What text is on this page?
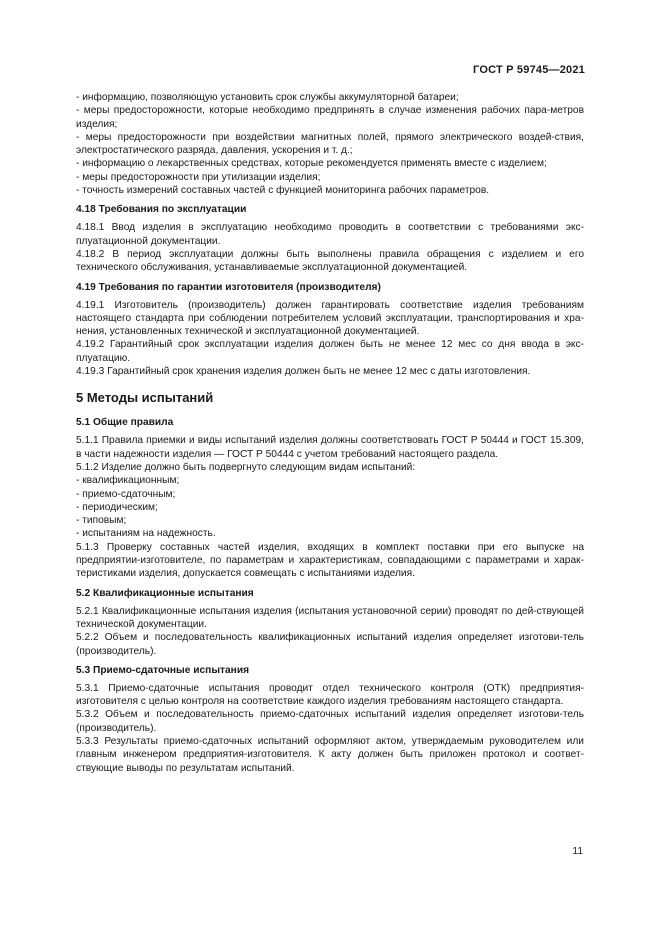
ГОСТ Р 59745—2021

- информацию, позволяющую установить срок службы аккумуляторной батареи;

- меры предосторожности, которые необходимо предпринять в случае изменения рабочих пара-метров изделия;

- меры предосторожности при воздействии магнитных полей, прямого электрического воздей-ствия, электростатического разряда, давления, ускорения и т. д.;

- информацию о лекарственных средствах, которые рекомендуется применять вместе с изделием;

- меры предосторожности при утилизации изделия;

- точность измерений составных частей с функцией мониторинга рабочих параметров.

4.18 Требования по эксплуатации

4.18.1 Ввод изделия в эксплуатацию необходимо проводить в соответствии с требованиями экс-плуатационной документации.

4.18.2 В период эксплуатации должны быть выполнены правила обращения с изделием и его технического обслуживания, устанавливаемые эксплуатационной документацией.

4.19 Требования по гарантии изготовителя (производителя)

4.19.1 Изготовитель (производитель) должен гарантировать соответствие изделия требованиям настоящего стандарта при соблюдении потребителем условий эксплуатации, транспортирования и хра-нения, установленных технической и эксплуатационной документацией.

4.19.2 Гарантийный срок эксплуатации изделия должен быть не менее 12 мес со дня ввода в экс-плуатацию.

4.19.3 Гарантийный срок хранения изделия должен быть не менее 12 мес с даты изготовления.

5 Методы испытаний
5.1 Общие правила

5.1.1 Правила приемки и виды испытаний изделия должны соответствовать ГОСТ Р 50444 и ГОСТ 15.309, в части надежности изделия — ГОСТ Р 50444 с учетом требований настоящего раздела.

5.1.2 Изделие должно быть подвергнуто следующим видам испытаний:

- квалификационным;

- приемо-сдаточным;

- периодическим;

- типовым;

- испытаниям на надежность.

5.1.3 Проверку составных частей изделия, входящих в комплект поставки при его выпуске на предприятии-изготовителе, по параметрам и характеристикам, совпадающими с параметрами и харак-теристиками изделия, допускается совмещать с испытаниями изделия.

5.2 Квалификационные испытания

5.2.1 Квалификационные испытания изделия (испытания установочной серии) проводят по дей-ствующей технической документации.

5.2.2 Объем и последовательность квалификационных испытаний изделия определяет изготови-тель (производитель).

5.3 Приемо-сдаточные испытания

5.3.1 Приемо-сдаточные испытания проводит отдел технического контроля (ОТК) предприятия-изготовителя с целью контроля на соответствие каждого изделия требованиям настоящего стандарта.

5.3.2 Объем и последовательность приемо-сдаточных испытаний изделия определяет изготови-тель (производитель).

5.3.3 Результаты приемо-сдаточных испытаний оформляют актом, утверждаемым руководителем или главным инженером предприятия-изготовителя. К акту должен быть приложен протокол и соответ-ствующие выводы по результатам испытаний.

11
